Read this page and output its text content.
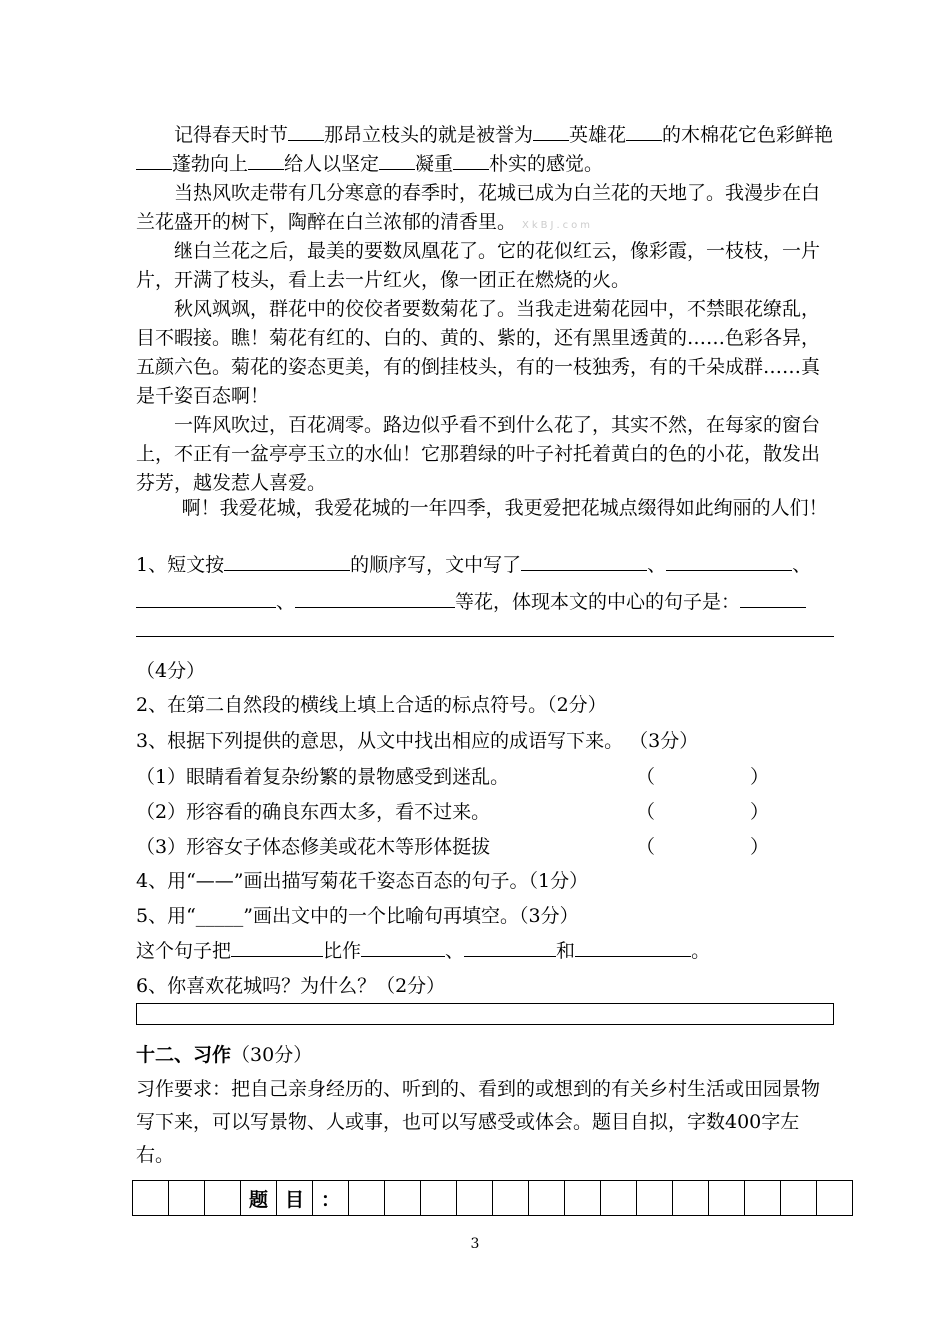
记得春天时节 那昂立枝头的就是被誉为 英雄花 的木棉花它色彩鲜艳蓬勃向上 给人以坚定 凝重 朴实的感觉。
当热风吹走带有几分寒意的春季时，花城已成为白兰花的天地了。我漫步在白兰花盛开的树下，陶醉在白兰浓郁的清香里。 XkBJ.com
继白兰花之后，最美的要数凤凰花了。它的花似红云，像彩霞，一枝枝，一片片，开满了枝头，看上去一片红火，像一团正在燃烧的火。
秋风飒飒，群花中的佼佼者要数菊花了。当我走进菊花园中，不禁眼花缭乱，目不暇接。瞧！菊花有红的、白的、黄的、紫的，还有黑里透黄的……色彩各异，五颜六色。菊花的姿态更美，有的倒挂枝头，有的一枝独秀，有的千朵成群……真是千姿百态啊！
一阵风吹过，百花凋零。路边似乎看不到什么花了，其实不然，在每家的窗台上，不正有一盆亭亭玉立的水仙！它那碧绿的叶子衬托着黄白的色的小花，散发出芬芳，越发惹人喜爱。
啊！我爱花城，我爱花城的一年四季，我更爱把花城点缀得如此绚丽的人们！
1、短文按	的顺序写，文中写了	、	、
、	等花，体现本文的中心的句子是：
（4分）
2、在第二自然段的横线上填上合适的标点符号。（2分）
3、根据下列提供的意思，从文中找出相应的成语写下来。 （3分）
（1）眼睛看着复杂纷繁的景物感受到迷乱。	（	）
（2）形容看的确良东西太多，看不过来。	（	）
（3）形容女子体态修美或花木等形体挺拔	（	）
4、用“——”画出描写菊花千姿态百态的句子。（1分）
5、用“_____”画出文中的一个比喻句再填空。（3分）
这个句子把	比作	、	和	。
6、你喜欢花城吗？为什么？（2分）
十二、习作（30分）
习作要求：把自己亲身经历的、听到的、看到的或想到的有关乡村生活或田园景物写下来，可以写景物、人或事，也可以写感受或体会。题目自拟，字数400字左右。
			题	目	：														
3
